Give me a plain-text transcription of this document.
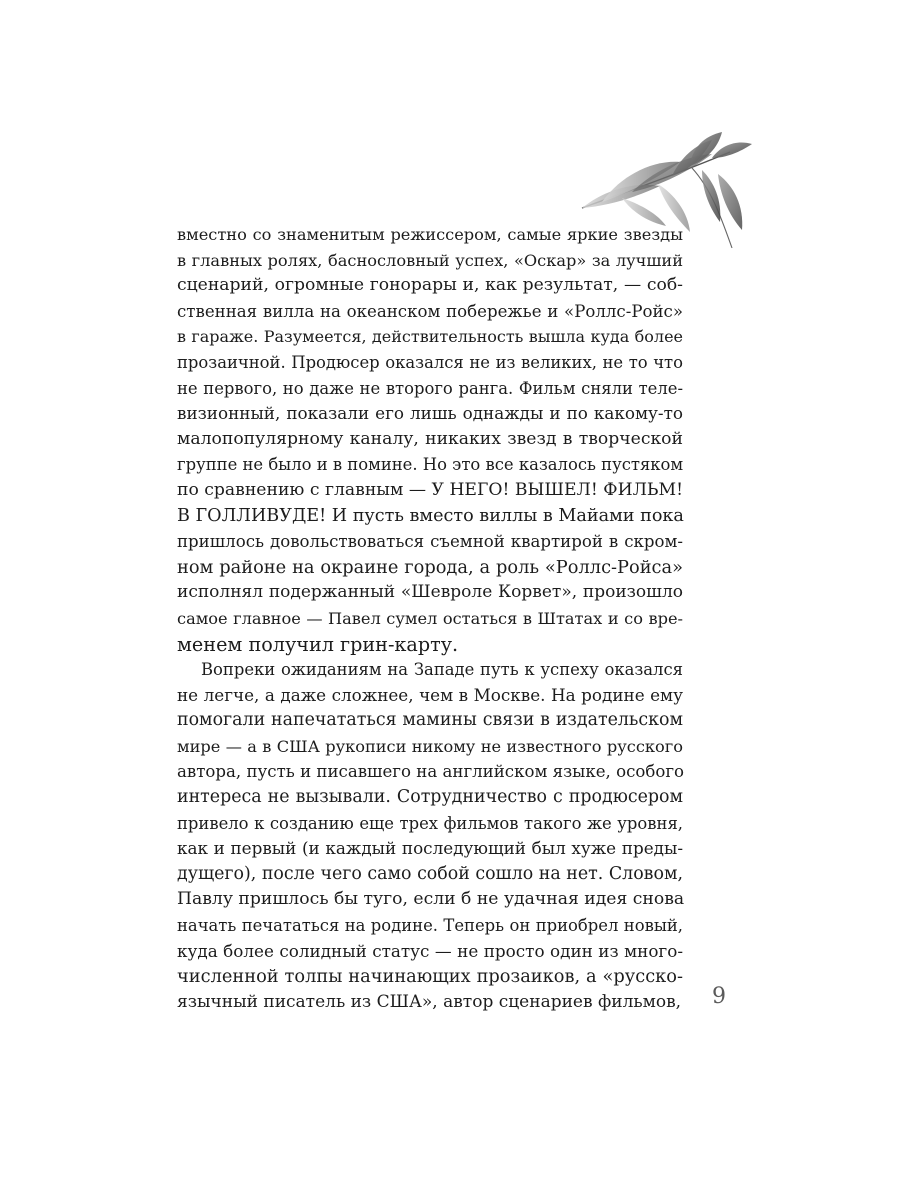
вместно со знаменитым режиссером, самые яркие звезды
в главных ролях, баснословный успех, «Оскар» за лучший
сценарий, огромные гонорары и, как результат, — соб-
ственная вилла на океанском побережье и «Роллс-Ройс»
в гараже. Разумеется, действительность вышла куда более
прозаичной. Продюсер оказался не из великих, не то что
не первого, но даже не второго ранга. Фильм сняли теле-
визионный, показали его лишь однажды и по какому-то
малопопулярному каналу, никаких звезд в творческой
группе не было и в помине. Но это все казалось пустяком
по сравнению с главным — У НЕГО! ВЫШЕЛ! ФИЛЬМ!
В ГОЛЛИВУДЕ! И пусть вместо виллы в Майами пока
пришлось довольствоваться съемной квартирой в скром-
ном районе на окраине города, а роль «Роллс-Ройса»
исполнял подержанный «Шевроле Корвет», произошло
самое главное — Павел сумел остаться в Штатах и со вре-
менем получил грин-карту.
Вопреки ожиданиям на Западе путь к успеху оказался
не легче, а даже сложнее, чем в Москве. На родине ему
помогали напечататься мамины связи в издательском
мире — а в США рукописи никому не известного русского
автора, пусть и писавшего на английском языке, особого
интереса не вызывали. Сотрудничество с продюсером
привело к созданию еще трех фильмов такого же уровня,
как и первый (и каждый последующий был хуже преды-
дущего), после чего само собой сошло на нет. Словом,
Павлу пришлось бы туго, если б не удачная идея снова
начать печататься на родине. Теперь он приобрел новый,
куда более солидный статус — не просто один из много-
численной толпы начинающих прозаиков, а «русско-
язычный писатель из США», автор сценариев фильмов, 9
